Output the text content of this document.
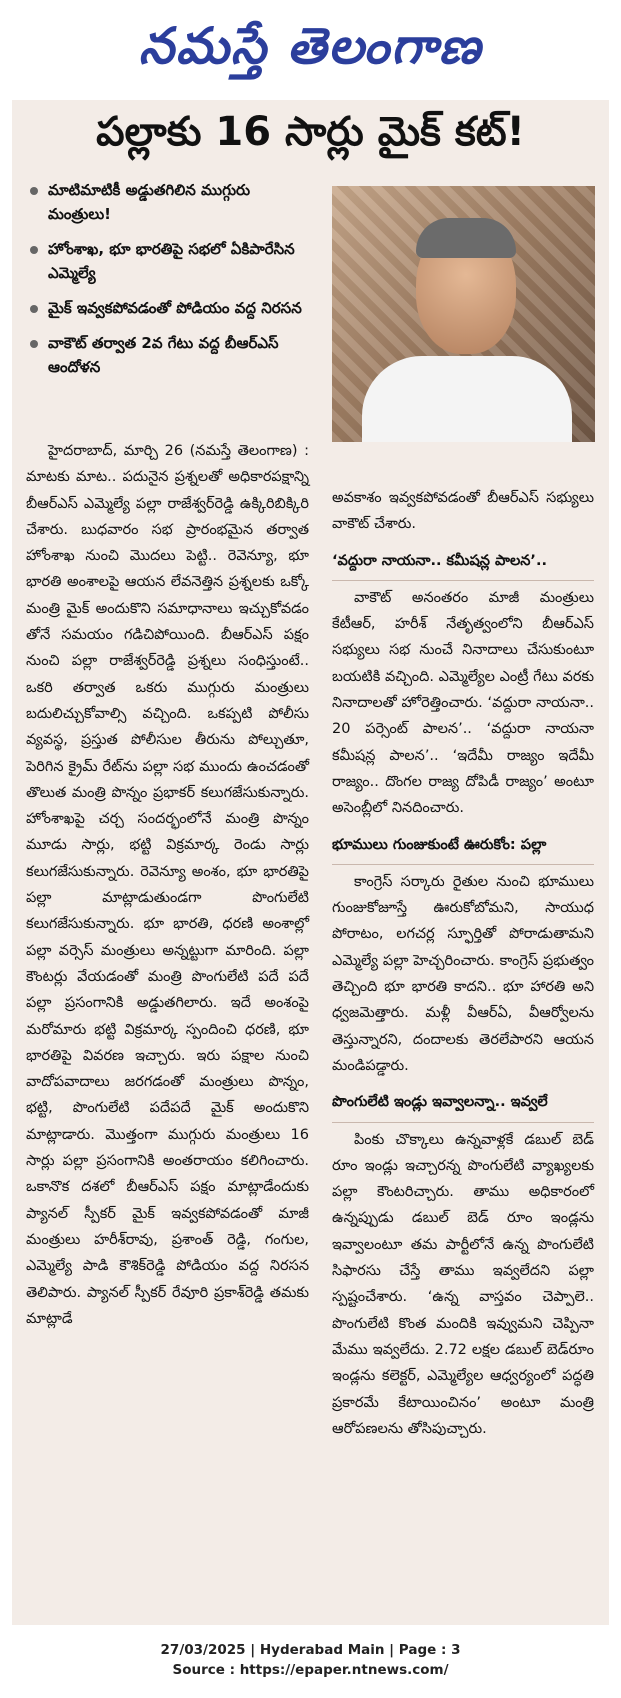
నమస్తే తెలంగాణ
పల్లాకు 16 సార్లు మైక్ కట్!
మాటిమాటికీ అడ్డుతగిలిన ముగ్గురు మంత్రులు!
హోంశాఖ, భూ భారతిపై సభలో ఏకిపారేసిన ఎమ్మెల్యే
మైక్ ఇవ్వకపోవడంతో పోడియం వద్ద నిరసన
వాకౌట్ తర్వాత 2వ గేటు వద్ద బీఆర్ఎస్ ఆందోళన

హైదరాబాద్, మార్చి 26 (నమస్తే తెలంగాణ) : మాటకు మాట.. పదునైన ప్రశ్నలతో అధికారపక్షాన్ని బీఆర్ఎస్ ఎమ్మెల్యే పల్లా రాజేశ్వర్‌రెడ్డి ఉక్కిరిబిక్కిరి చేశారు. బుధవారం సభ ప్రారంభమైన తర్వాత హోంశాఖ నుంచి మొదలు పెట్టి.. రెవెన్యూ, భూ భారతి అంశాలపై ఆయన లేవనెత్తిన ప్రశ్నలకు ఒక్కో మంత్రి మైక్ అందుకొని సమాధానాలు ఇచ్చుకోవడం తోనే సమయం గడిచిపోయింది. బీఆర్ఎస్ పక్షం నుంచి పల్లా రాజేశ్వర్‌రెడ్డి ప్రశ్నలు సంధిస్తుంటే.. ఒకరి తర్వాత ఒకరు ముగ్గురు మంత్రులు బదులిచ్చుకోవాల్సి వచ్చింది. ఒకప్పటి పోలీసు వ్యవస్థ, ప్రస్తుత పోలీసుల తీరును పోల్చుతూ, పెరిగిన క్రైమ్ రేట్‌ను పల్లా సభ ముందు ఉంచడంతో తొలుత మంత్రి పొన్నం ప్రభాకర్ కలుగజేసుకున్నారు. హోంశాఖపై చర్చ సందర్భంలోనే మంత్రి పొన్నం మూడు సార్లు, భట్టి విక్రమార్క రెండు సార్లు కలుగజేసుకున్నారు. రెవెన్యూ అంశం, భూ భారతిపై పల్లా మాట్లాడుతుండగా పొంగులేటి కలుగజేసుకున్నారు. భూ భారతి, ధరణి అంశాల్లో పల్లా వర్సెస్ మంత్రులు అన్నట్టుగా మారింది. పల్లా కౌంటర్లు వేయడంతో మంత్రి పొంగులేటి పదే పదే పల్లా ప్రసంగానికి అడ్డుతగిలారు. ఇదే అంశంపై మరోమారు భట్టి విక్రమార్క స్పందించి ధరణి, భూ భారతిపై వివరణ ఇచ్చారు. ఇరు పక్షాల నుంచి వాదోపవాదాలు జరగడంతో మంత్రులు పొన్నం, భట్టి, పొంగులేటి పదేపదే మైక్ అందుకొని మాట్లాడారు. మొత్తంగా ముగ్గురు మంత్రులు 16 సార్లు పల్లా ప్రసంగానికి అంతరాయం కలిగించారు. ఒకానొక దశలో బీఆర్ఎస్ పక్షం మాట్లాడేందుకు ప్యానల్ స్పీకర్ మైక్ ఇవ్వకపోవడంతో మాజీ మంత్రులు హరీశ్‌రావు, ప్రశాంత్ రెడ్డి, గంగుల, ఎమ్మెల్యే పాడి కౌశిక్‌రెడ్డి పోడియం వద్ద నిరసన తెలిపారు. ప్యానల్ స్పీకర్ రేవూరి ప్రకాశ్‌రెడ్డి తమకు మాట్లాడే

అవకాశం ఇవ్వకపోవడంతో బీఆర్ఎస్ సభ్యులు వాకౌట్ చేశారు.

‘వద్దురా నాయనా.. కమీషన్ల పాలన’..

వాకౌట్ అనంతరం మాజీ మంత్రులు కేటీఆర్, హరీశ్ నేతృత్వంలోని బీఆర్ఎస్ సభ్యులు సభ నుంచే నినాదాలు చేసుకుంటూ బయటికి వచ్చింది. ఎమ్మెల్యేల ఎంట్రీ గేటు వరకు నినాదాలతో హోరెత్తించారు. ‘వద్దురా నాయనా.. 20 పర్సెంట్ పాలన’.. ‘వద్దురా నాయనా కమీషన్ల పాలన’.. ‘ఇదేమీ రాజ్యం ఇదేమీ రాజ్యం.. దొంగల రాజ్య దోపిడీ రాజ్యం’ అంటూ అసెంబ్లీలో నినదించారు.

భూములు గుంజుకుంటే ఊరుకోం: పల్లా

కాంగ్రెస్ సర్కారు రైతుల నుంచి భూములు గుంజుకోజూస్తే ఊరుకోబోమని, సాయుధ పోరాటం, లగచర్ల స్ఫూర్తితో పోరాడుతామని ఎమ్మెల్యే పల్లా హెచ్చరించారు. కాంగ్రెస్ ప్రభుత్వం తెచ్చింది భూ భారతి కాదని.. భూ హారతి అని ధ్వజమెత్తారు. మళ్లీ వీఆర్ఏ, వీఆర్వోలను తెస్తున్నారని, దందాలకు తెరలేపారని ఆయన మండిపడ్డారు.

పొంగులేటి ఇండ్లు ఇవ్వాలన్నా.. ఇవ్వలే

పింకు చొక్కాలు ఉన్నవాళ్లకే డబుల్ బెడ్ రూం ఇండ్లు ఇచ్చారన్న పొంగులేటి వ్యాఖ్యలకు పల్లా కౌంటరిచ్చారు. తాము అధికారంలో ఉన్నప్పుడు డబుల్ బెడ్ రూం ఇండ్లను ఇవ్వాలంటూ తమ పార్టీలోనే ఉన్న పొంగులేటి సిఫారసు చేస్తే తాము ఇవ్వలేదని పల్లా స్పష్టంచేశారు. ‘ఉన్న వాస్తవం చెప్పాలె.. పొంగులేటి కొంత మందికి ఇవ్వుమని చెప్పినా మేము ఇవ్వలేదు. 2.72 లక్షల డబుల్ బెడ్‌రూం ఇండ్లను కలెక్టర్, ఎమ్మెల్యేల ఆధ్వర్యంలో పద్ధతి ప్రకారమే కేటాయించినం’ అంటూ మంత్రి ఆరోపణలను తోసిపుచ్చారు.

27/03/2025 | Hyderabad Main | Page : 3
Source : https://epaper.ntnews.com/
